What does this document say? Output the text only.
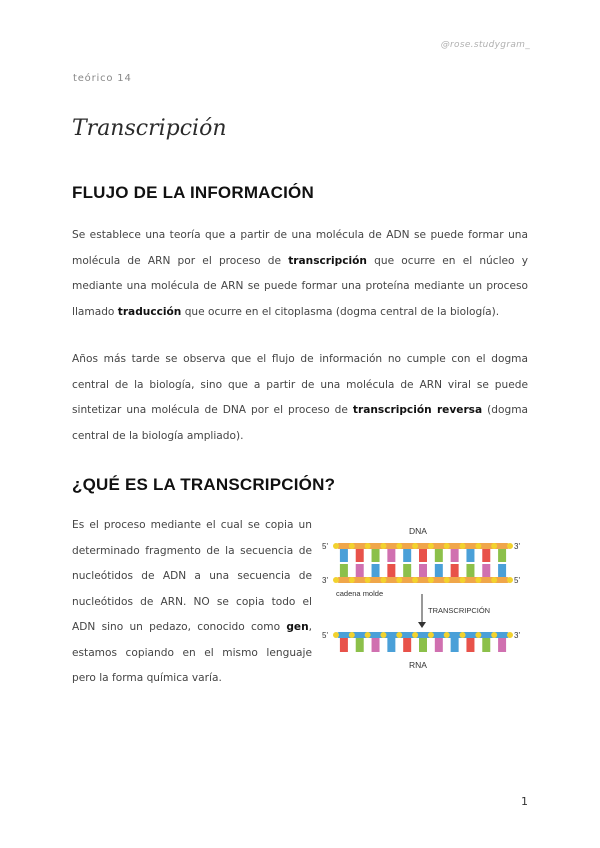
@rose.studygram_
teórico 14
Transcripción
FLUJO DE LA INFORMACIÓN

Se establece una teoría que a partir de una molécula de ADN se puede formar una molécula de ARN por el proceso de transcripción que ocurre en el núcleo y mediante una molécula de ARN se puede formar una proteína mediante un proceso llamado traducción que ocurre en el citoplasma (dogma central de la biología).

Años más tarde se observa que el flujo de información no cumple con el dogma central de la biología, sino que a partir de una molécula de ARN viral se puede sintetizar una molécula de DNA por el proceso de transcripción reversa (dogma central de la biología ampliado).

¿QUÉ ES LA TRANSCRIPCIÓN?

Es el proceso mediante el cual se copia un determinado fragmento de la secuencia de nucleótidos de ADN a una secuencia de nucleótidos de ARN. NO se copia todo el ADN sino un pedazo, conocido como gen, estamos copiando en el mismo lenguaje pero la forma química varía.

DNA
5'	3'
3'	5'
cadena molde
TRANSCRIPCIÓN
5'	3'
RNA
1
